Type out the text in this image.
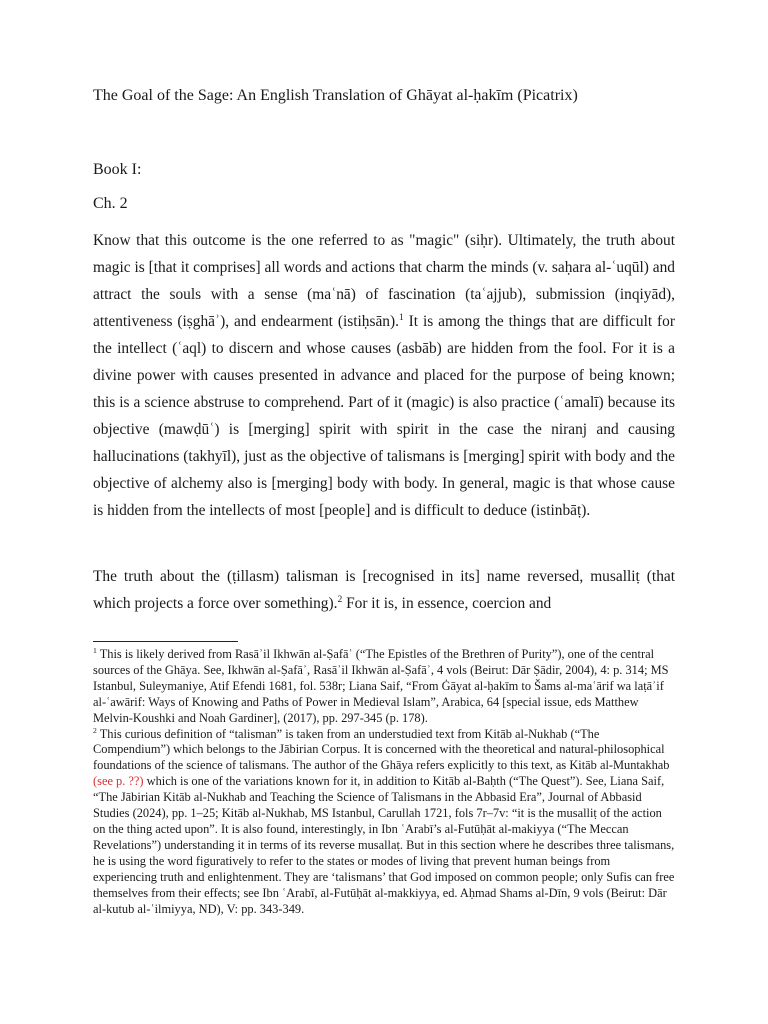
The Goal of the Sage: An English Translation of Ghāyat al-ḥakīm (Picatrix)
Book I:
Ch. 2
Know that this outcome is the one referred to as "magic" (siḥr). Ultimately, the truth about magic is [that it comprises] all words and actions that charm the minds (v. saḥara al-ʿuqūl) and attract the souls with a sense (maʿnā) of fascination (taʿajjub), submission (inqiyād), attentiveness (iṣghāʾ), and endearment (istiḥsān).$^1$ It is among the things that are difficult for the intellect (ʿaql) to discern and whose causes (asbāb) are hidden from the fool. For it is a divine power with causes presented in advance and placed for the purpose of being known; this is a science abstruse to comprehend. Part of it (magic) is also practice (ʿamalī) because its objective (mawḍūʿ) is [merging] spirit with spirit in the case the niranj and causing hallucinations (takhyīl), just as the objective of talismans is [merging] spirit with body and the objective of alchemy also is [merging] body with body. In general, magic is that whose cause is hidden from the intellects of most [people] and is difficult to deduce (istinbāṭ).
The truth about the (ṭillasm) talisman is [recognised in its] name reversed, musalliṭ (that which projects a force over something).$^2$ For it is, in essence, coercion and

$^1$ This is likely derived from Rasāʾil Ikhwān al-Ṣafāʾ (“The Epistles of the Brethren of Purity”), one of the central sources of the Ghāya. See, Ikhwān al-Ṣafāʾ, Rasāʾil Ikhwān al-Ṣafāʾ, 4 vols (Beirut: Dār Ṣādir, 2004), 4: p. 314; MS Istanbul, Suleymaniye, Atif Efendi 1681, fol. 538r; Liana Saif, “From Ġāyat al-ḥakīm to Šams al-maʿārif wa laṭāʾif al-ʿawārif: Ways of Knowing and Paths of Power in Medieval Islam”, Arabica, 64 [special issue, eds Matthew Melvin-Koushki and Noah Gardiner], (2017), pp. 297-345 (p. 178).

$^2$ This curious definition of “talisman” is taken from an understudied text from Kitāb al-Nukhab (“The Compendium”) which belongs to the Jābirian Corpus. It is concerned with the theoretical and natural-philosophical foundations of the science of talismans. The author of the Ghāya refers explicitly to this text, as Kitāb al-Muntakhab (see p. ??) which is one of the variations known for it, in addition to Kitāb al-Baḥth (“The Quest”). See, Liana Saif, “The Jābirian Kitāb al-Nukhab and Teaching the Science of Talismans in the Abbasid Era”, Journal of Abbasid Studies (2024), pp. 1–25; Kitāb al-Nukhab, MS Istanbul, Carullah 1721, fols 7r–7v: “it is the musalliṭ of the action on the thing acted upon”. It is also found, interestingly, in Ibn ʿArabī’s al-Futūḥāt al-makiyya (“The Meccan Revelations”) understanding it in terms of its reverse musallaṭ. But in this section where he describes three talismans, he is using the word figuratively to refer to the states or modes of living that prevent human beings from experiencing truth and enlightenment. They are ‘talismans’ that God imposed on common people; only Sufis can free themselves from their effects; see Ibn ʿArabī, al-Futūḥāt al-makkiyya, ed. Aḥmad Shams al-Dīn, 9 vols (Beirut: Dār al-kutub al-ʿilmiyya, ND), V: pp. 343-349.
